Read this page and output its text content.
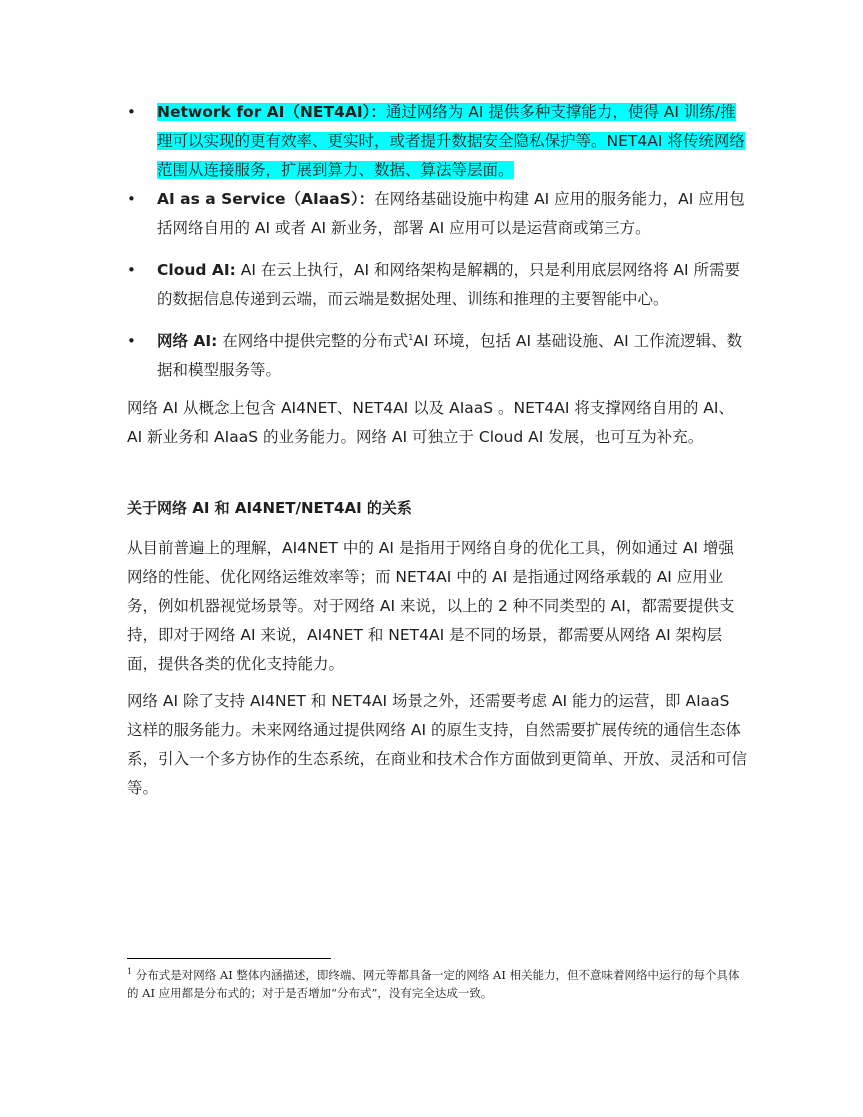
• Network for AI（NET4AI）：通过网络为 AI 提供多种支撑能力，使得 AI 训练/推理可以实现的更有效率、更实时，或者提升数据安全隐私保护等。NET4AI 将传统网络范围从连接服务，扩展到算力、数据、算法等层面。
• AI as a Service（AIaaS）：在网络基础设施中构建 AI 应用的服务能力，AI 应用包括网络自用的 AI 或者 AI 新业务，部署 AI 应用可以是运营商或第三方。
• Cloud AI: AI 在云上执行，AI 和网络架构是解耦的，只是利用底层网络将 AI 所需要的数据信息传递到云端，而云端是数据处理、训练和推理的主要智能中心。
• 网络 AI: 在网络中提供完整的分布式$^1$AI 环境，包括 AI 基础设施、AI 工作流逻辑、数据和模型服务等。

网络 AI 从概念上包含 AI4NET、NET4AI 以及 AIaaS 。NET4AI 将支撑网络自用的 AI、AI 新业务和 AIaaS 的业务能力。网络 AI 可独立于 Cloud AI 发展，也可互为补充。

关于网络 AI 和 AI4NET/NET4AI 的关系

从目前普遍上的理解，AI4NET 中的 AI 是指用于网络自身的优化工具，例如通过 AI 增强网络的性能、优化网络运维效率等；而 NET4AI 中的 AI 是指通过网络承载的 AI 应用业务，例如机器视觉场景等。对于网络 AI 来说，以上的 2 种不同类型的 AI，都需要提供支持，即对于网络 AI 来说，AI4NET 和 NET4AI 是不同的场景，都需要从网络 AI 架构层面，提供各类的优化支持能力。

网络 AI 除了支持 AI4NET 和 NET4AI 场景之外，还需要考虑 AI 能力的运营，即 AIaaS 这样的服务能力。未来网络通过提供网络 AI 的原生支持，自然需要扩展传统的通信生态体系，引入一个多方协作的生态系统，在商业和技术合作方面做到更简单、开放、灵活和可信等。

$^1$ 分布式是对网络 AI 整体内涵描述，即终端、网元等都具备一定的网络 AI 相关能力，但不意味着网络中运行的每个具体的 AI 应用都是分布式的；对于是否增加“分布式”，没有完全达成一致。
